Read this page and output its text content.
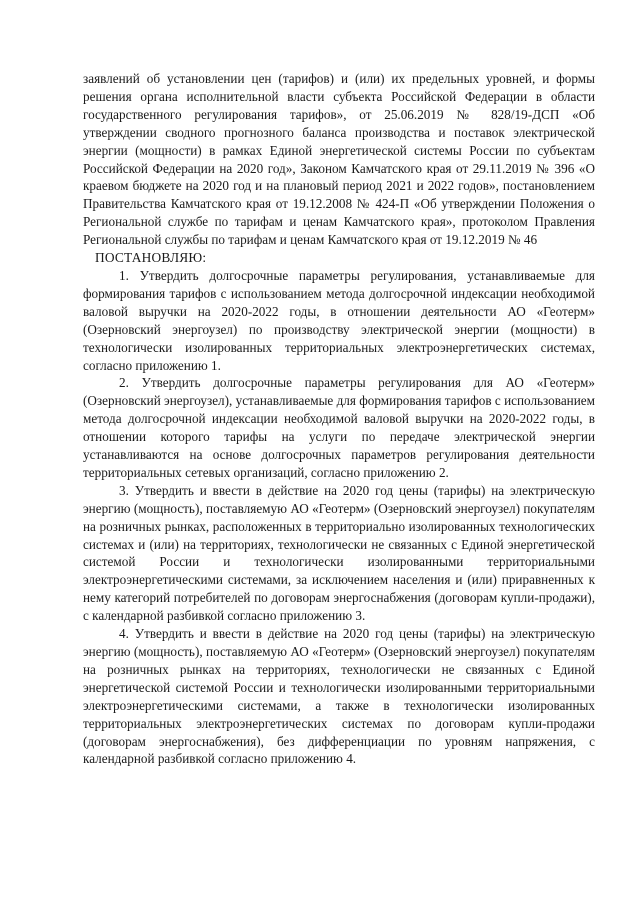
заявлений об установлении цен (тарифов) и (или) их предельных уровней, и формы решения органа исполнительной власти субъекта Российской Федерации в области государственного регулирования тарифов», от 25.06.2019 № 828/19-ДСП «Об утверждении сводного прогнозного баланса производства и поставок электрической энергии (мощности) в рамках Единой энергетической системы России по субъектам Российской Федерации на 2020 год», Законом Камчатского края от 29.11.2019 № 396 «О краевом бюджете на 2020 год и на плановый период 2021 и 2022 годов», постановлением Правительства Камчатского края от 19.12.2008 № 424-П «Об утверждении Положения о Региональной службе по тарифам и ценам Камчатского края», протоколом Правления Региональной службы по тарифам и ценам Камчатского края от 19.12.2019 № 46

ПОСТАНОВЛЯЮ:

1. Утвердить долгосрочные параметры регулирования, устанавливаемые для формирования тарифов с использованием метода долгосрочной индексации необходимой валовой выручки на 2020-2022 годы, в отношении деятельности АО «Геотерм» (Озерновский энергоузел) по производству электрической энергии (мощности) в технологически изолированных территориальных электроэнергетических системах, согласно приложению 1.

2. Утвердить долгосрочные параметры регулирования для АО «Геотерм» (Озерновский энергоузел), устанавливаемые для формирования тарифов с использованием метода долгосрочной индексации необходимой валовой выручки на 2020-2022 годы, в отношении которого тарифы на услуги по передаче электрической энергии устанавливаются на основе долгосрочных параметров регулирования деятельности территориальных сетевых организаций, согласно приложению 2.

3. Утвердить и ввести в действие на 2020 год цены (тарифы) на электрическую энергию (мощность), поставляемую АО «Геотерм» (Озерновский энергоузел) покупателям на розничных рынках, расположенных в территориально изолированных технологических системах и (или) на территориях, технологически не связанных с Единой энергетической системой России и технологически изолированными территориальными электроэнергетическими системами, за исключением населения и (или) приравненных к нему категорий потребителей по договорам энергоснабжения (договорам купли-продажи), с календарной разбивкой согласно приложению 3.

4. Утвердить и ввести в действие на 2020 год цены (тарифы) на электрическую энергию (мощность), поставляемую АО «Геотерм» (Озерновский энергоузел) покупателям на розничных рынках на территориях, технологически не связанных с Единой энергетической системой России и технологически изолированными территориальными электроэнергетическими системами, а также в технологически изолированных территориальных электроэнергетических системах по договорам купли-продажи (договорам энергоснабжения), без дифференциации по уровням напряжения, с календарной разбивкой согласно приложению 4.
